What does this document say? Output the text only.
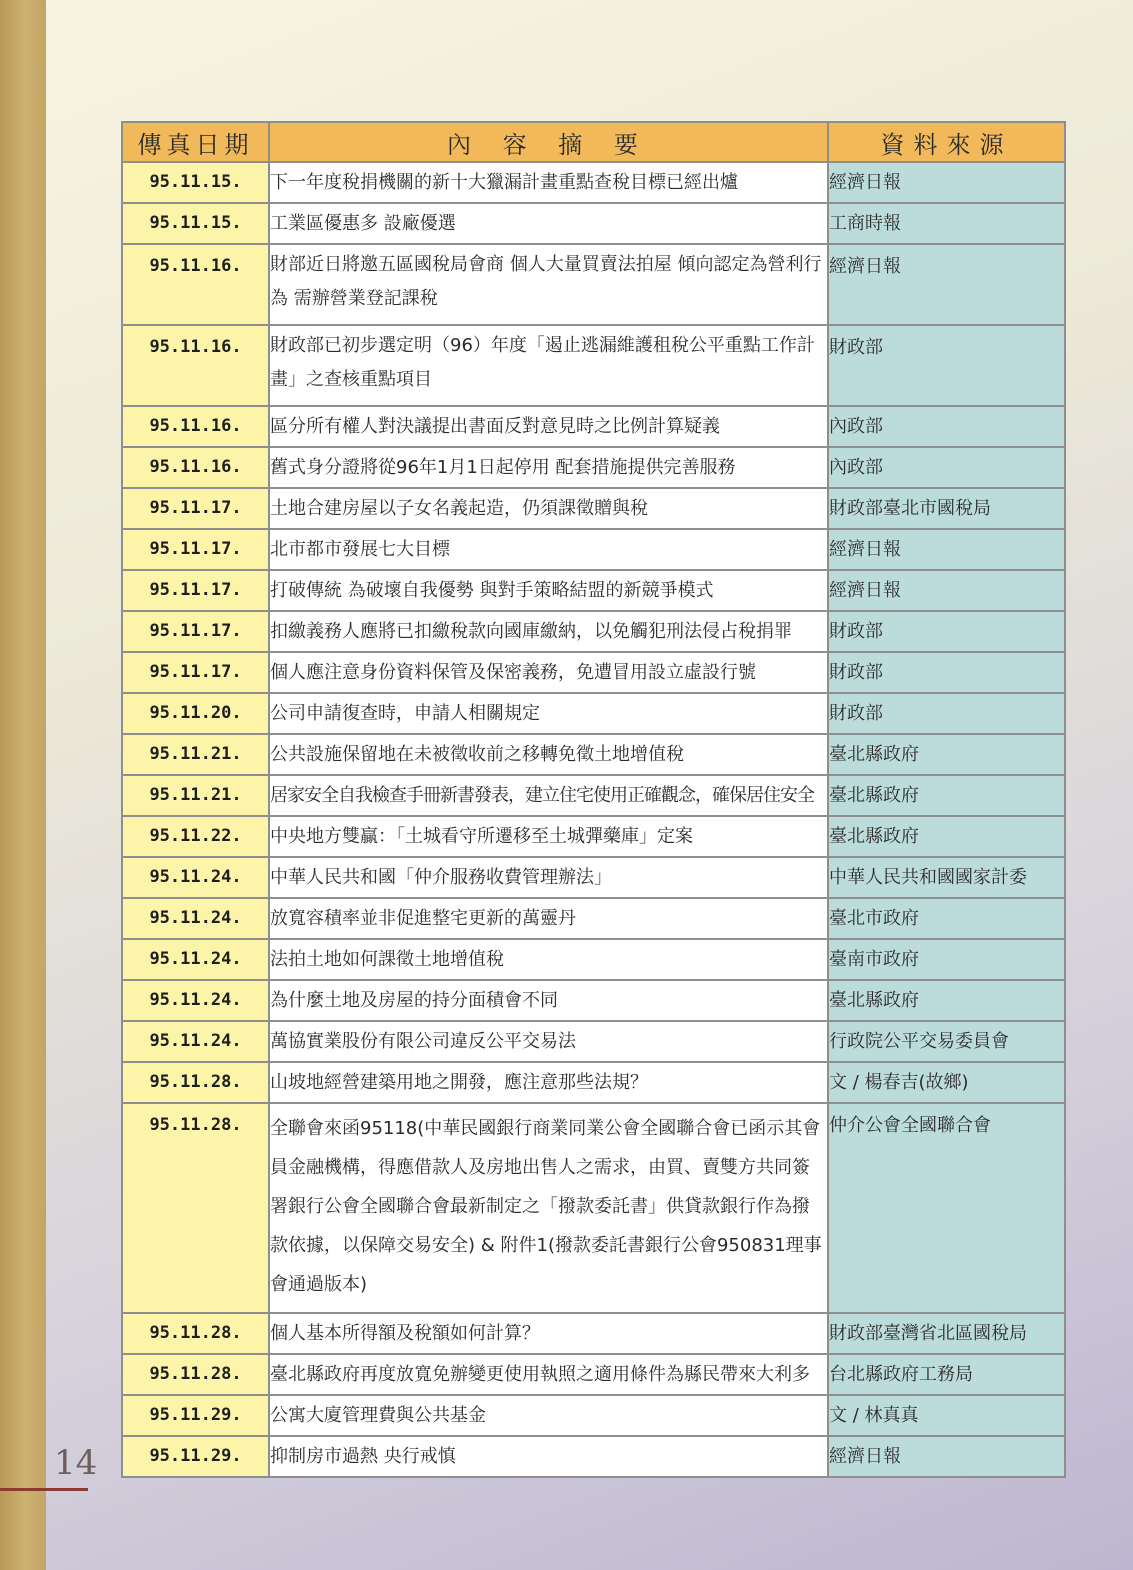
傳真日期	內 容 摘 要	資料來源
95.11.15.	下一年度稅捐機關的新十大獵漏計畫重點查稅目標已經出爐	經濟日報
95.11.15.	工業區優惠多 設廠優選	工商時報
95.11.16.	財部近日將邀五區國稅局會商 個人大量買賣法拍屋 傾向認定為營利行為 需辦營業登記課稅	經濟日報
95.11.16.	財政部已初步選定明（96）年度「遏止逃漏維護租稅公平重點工作計畫」之查核重點項目	財政部
95.11.16.	區分所有權人對決議提出書面反對意見時之比例計算疑義	內政部
95.11.16.	舊式身分證將從96年1月1日起停用 配套措施提供完善服務	內政部
95.11.17.	土地合建房屋以子女名義起造，仍須課徵贈與稅	財政部臺北市國稅局
95.11.17.	北市都市發展七大目標	經濟日報
95.11.17.	打破傳統 為破壞自我優勢 與對手策略結盟的新競爭模式	經濟日報
95.11.17.	扣繳義務人應將已扣繳稅款向國庫繳納，以免觸犯刑法侵占稅捐罪	財政部
95.11.17.	個人應注意身份資料保管及保密義務，免遭冒用設立虛設行號	財政部
95.11.20.	公司申請復查時，申請人相關規定	財政部
95.11.21.	公共設施保留地在未被徵收前之移轉免徵土地增值稅	臺北縣政府
95.11.21.	居家安全自我檢查手冊新書發表，建立住宅使用正確觀念，確保居住安全	臺北縣政府
95.11.22.	中央地方雙贏：「土城看守所遷移至土城彈藥庫」定案	臺北縣政府
95.11.24.	中華人民共和國「仲介服務收費管理辦法」	中華人民共和國國家計委
95.11.24.	放寬容積率並非促進整宅更新的萬靈丹	臺北市政府
95.11.24.	法拍土地如何課徵土地增值稅	臺南市政府
95.11.24.	為什麼土地及房屋的持分面積會不同	臺北縣政府
95.11.24.	萬協實業股份有限公司違反公平交易法	行政院公平交易委員會
95.11.28.	山坡地經營建築用地之開發，應注意那些法規？	文 / 楊春吉(故鄉)
95.11.28.	全聯會來函95118(中華民國銀行商業同業公會全國聯合會已函示其會員金融機構，得應借款人及房地出售人之需求，由買、賣雙方共同簽署銀行公會全國聯合會最新制定之「撥款委託書」供貸款銀行作為撥款依據，以保障交易安全) & 附件1(撥款委託書銀行公會950831理事會通過版本)	仲介公會全國聯合會
95.11.28.	個人基本所得額及稅額如何計算？	財政部臺灣省北區國稅局
95.11.28.	臺北縣政府再度放寬免辦變更使用執照之適用條件為縣民帶來大利多	台北縣政府工務局
95.11.29.	公寓大廈管理費與公共基金	文 / 林真真
95.11.29.	抑制房市過熱 央行戒慎	經濟日報
14
